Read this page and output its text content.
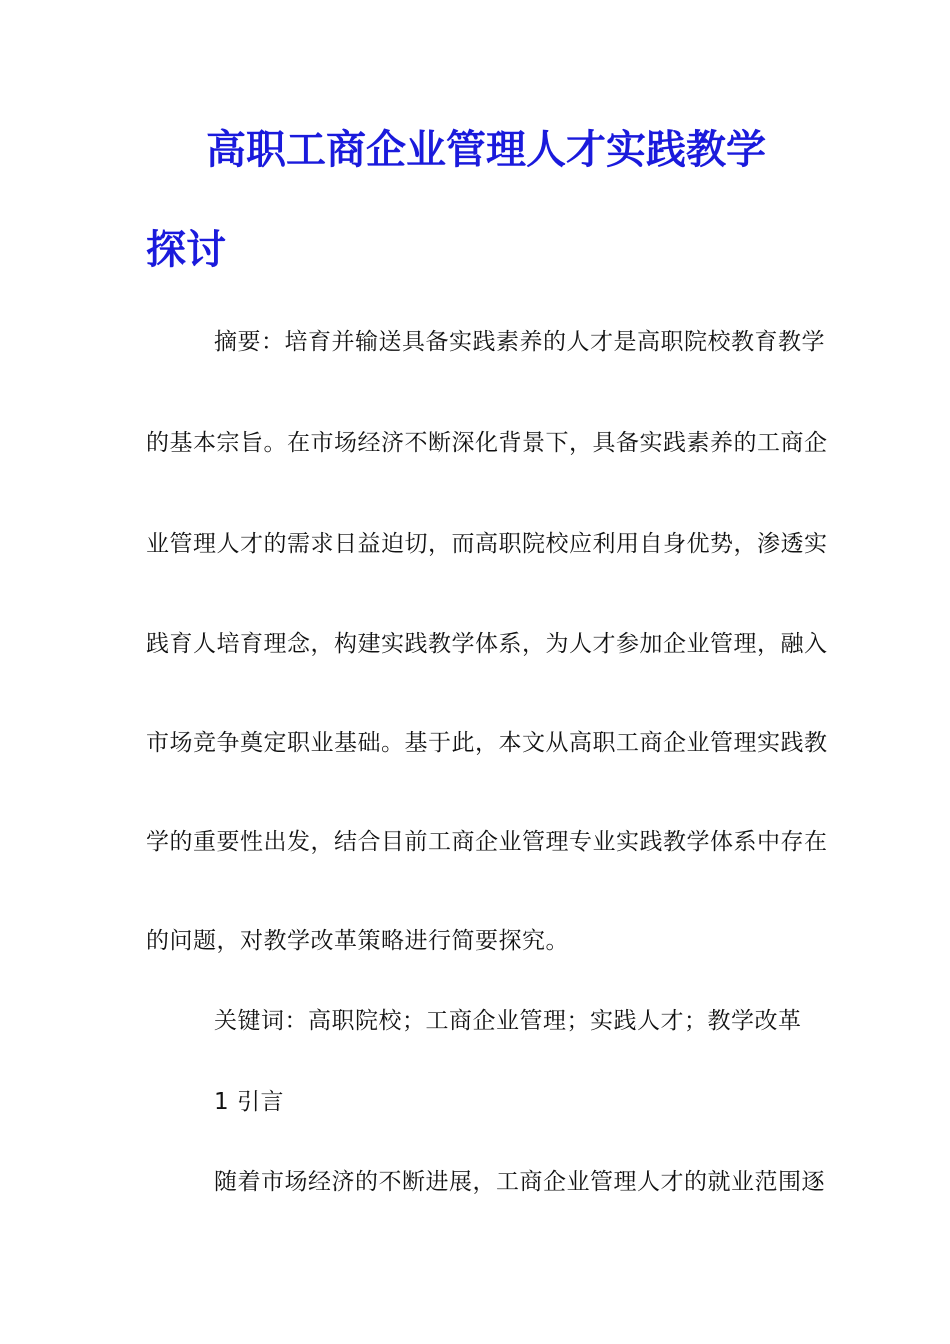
高职工商企业管理人才实践教学
探讨
摘要：培育并输送具备实践素养的人才是高职院校教育教学
的基本宗旨。在市场经济不断深化背景下，具备实践素养的工商企
业管理人才的需求日益迫切，而高职院校应利用自身优势，渗透实
践育人培育理念，构建实践教学体系，为人才参加企业管理，融入
市场竞争奠定职业基础。基于此，本文从高职工商企业管理实践教
学的重要性出发，结合目前工商企业管理专业实践教学体系中存在
的问题，对教学改革策略进行简要探究。
关键词：高职院校；工商企业管理；实践人才；教学改革
1 引言
随着市场经济的不断进展，工商企业管理人才的就业范围逐
